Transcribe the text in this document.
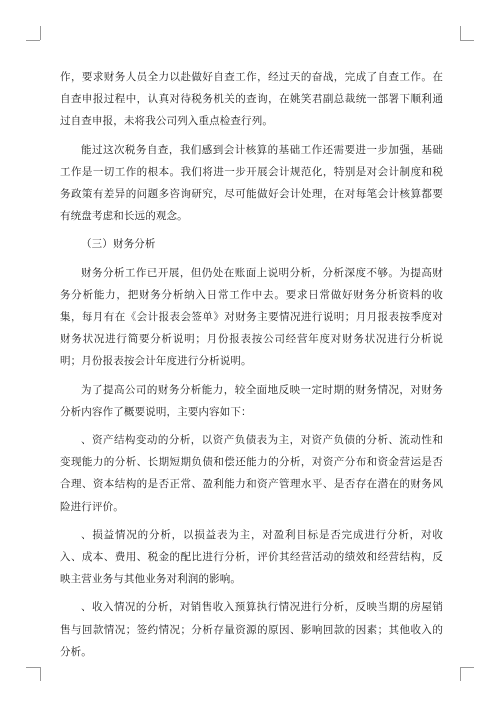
作，要求财务人员全力以赴做好自查工作，经过天的奋战，完成了自查工作。在自查申报过程中，认真对待税务机关的查询，在姚笑君副总裁统一部署下顺利通过自查申报，未将我公司列入重点检查行列。

能过这次税务自查，我们感到会计核算的基础工作还需要进一步加强，基础工作是一切工作的根本。我们将进一步开展会计规范化，特别是对会计制度和税务政策有差异的问题多咨询研究，尽可能做好会计处理，在对每笔会计核算都要有统盘考虑和长远的观念。

（三）财务分析

财务分析工作已开展，但仍处在账面上说明分析，分析深度不够。为提高财务分析能力，把财务分析纳入日常工作中去。要求日常做好财务分析资料的收集，每月有在《会计报表会签单》对财务主要情况进行说明；月月报表按季度对财务状况进行简要分析说明；月份报表按公司经营年度对财务状况进行分析说明；月份报表按会计年度进行分析说明。

为了提高公司的财务分析能力，较全面地反映一定时期的财务情况，对财务分析内容作了概要说明，主要内容如下：

、资产结构变动的分析，以资产负债表为主，对资产负债的分析、流动性和变现能力的分析、长期短期负债和偿还能力的分析，对资产分布和资金营运是否合理、资本结构的是否正常、盈利能力和资产管理水平、是否存在潜在的财务风险进行评价。

、损益情况的分析，以损益表为主，对盈利目标是否完成进行分析，对收入、成本、费用、税金的配比进行分析，评价其经营活动的绩效和经营结构，反映主营业务与其他业务对利润的影响。

、收入情况的分析，对销售收入预算执行情况进行分析，反映当期的房屋销售与回款情况；签约情况；分析存量资源的原因、影响回款的因素；其他收入的分析。
